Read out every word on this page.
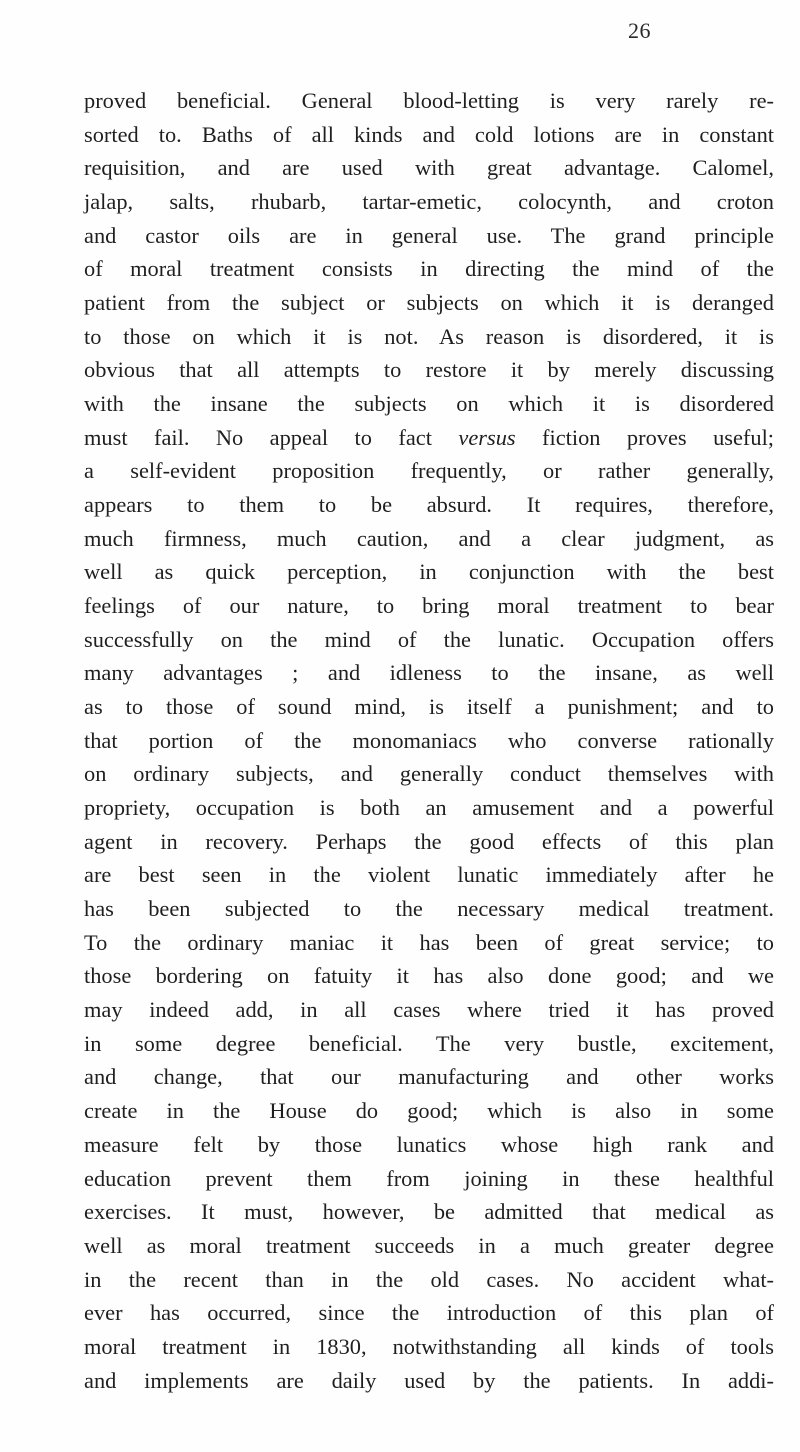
26
proved beneficial. General blood-letting is very rarely re-
sorted to. Baths of all kinds and cold lotions are in constant
requisition, and are used with great advantage. Calomel,
jalap, salts, rhubarb, tartar-emetic, colocynth, and croton
and castor oils are in general use. The grand principle
of moral treatment consists in directing the mind of the
patient from the subject or subjects on which it is deranged
to those on which it is not. As reason is disordered, it is
obvious that all attempts to restore it by merely discussing
with the insane the subjects on which it is disordered
must fail. No appeal to fact versus fiction proves useful;
a self-evident proposition frequently, or rather generally,
appears to them to be absurd. It requires, therefore,
much firmness, much caution, and a clear judgment, as
well as quick perception, in conjunction with the best
feelings of our nature, to bring moral treatment to bear
successfully on the mind of the lunatic. Occupation offers
many advantages ; and idleness to the insane, as well
as to those of sound mind, is itself a punishment; and to
that portion of the monomaniacs who converse rationally
on ordinary subjects, and generally conduct themselves with
propriety, occupation is both an amusement and a powerful
agent in recovery. Perhaps the good effects of this plan
are best seen in the violent lunatic immediately after he
has been subjected to the necessary medical treatment.
To the ordinary maniac it has been of great service; to
those bordering on fatuity it has also done good; and we
may indeed add, in all cases where tried it has proved
in some degree beneficial. The very bustle, excitement,
and change, that our manufacturing and other works
create in the House do good; which is also in some
measure felt by those lunatics whose high rank and
education prevent them from joining in these healthful
exercises. It must, however, be admitted that medical as
well as moral treatment succeeds in a much greater degree
in the recent than in the old cases. No accident what-
ever has occurred, since the introduction of this plan of
moral treatment in 1830, notwithstanding all kinds of tools
and implements are daily used by the patients. In addi-
